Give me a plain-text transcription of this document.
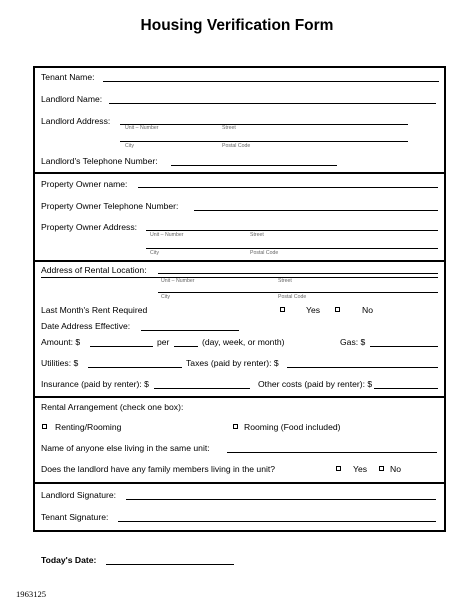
Housing Verification Form
Tenant Name:
Landlord Name:
Landlord Address:
Unit – Number	Street
City	Postal Code
Landlord's Telephone Number:
Property Owner name:
Property Owner Telephone Number:
Property Owner Address:
Unit – Number	Street
City	Postal Code
Address of Rental Location:
Unit – Number	Street
City	Postal Code
Last Month's Rent Required	Yes	No
Date Address Effective:
Amount: $	per	(day, week, or month)	Gas: $
Utilities: $	Taxes (paid by renter): $
Insurance (paid by renter): $	Other costs (paid by renter): $
Rental Arrangement (check one box):
Renting/Rooming	Rooming (Food included)
Name of anyone else living in the same unit:
Does the landlord have any family members living in the unit?	Yes	No
Landlord Signature:
Tenant Signature:
Today's Date:
1963125
